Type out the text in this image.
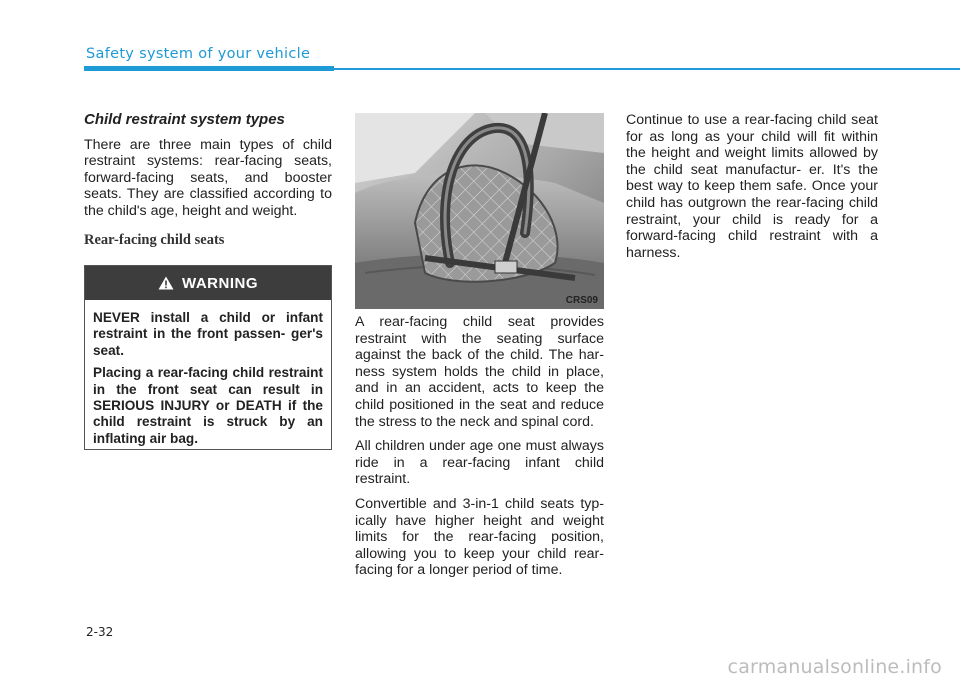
Safety system of your vehicle
Child restraint system types

There are three main types of child restraint systems: rear-facing seats, forward-facing seats, and booster seats. They are classified according to the child's age, height and weight.

Rear-facing child seats
WARNING

NEVER install a child or infant restraint in the front passen- ger's seat.

Placing a rear-facing child restraint in the front seat can result in SERIOUS INJURY or DEATH if the child restraint is struck by an inflating air bag.

CRS09

A rear-facing child seat provides restraint with the seating surface against the back of the child. The har- ness system holds the child in place, and in an accident, acts to keep the child positioned in the seat and reduce the stress to the neck and spinal cord.

All children under age one must always ride in a rear-facing infant child restraint.

Convertible and 3-in-1 child seats typ- ically have higher height and weight limits for the rear-facing position, allowing you to keep your child rear- facing for a longer period of time.

Continue to use a rear-facing child seat for as long as your child will fit within the height and weight limits allowed by the child seat manufactur- er. It's the best way to keep them safe. Once your child has outgrown the rear-facing child restraint, your child is ready for a forward-facing child restraint with a harness.

2-32
carmanualsonline.info
